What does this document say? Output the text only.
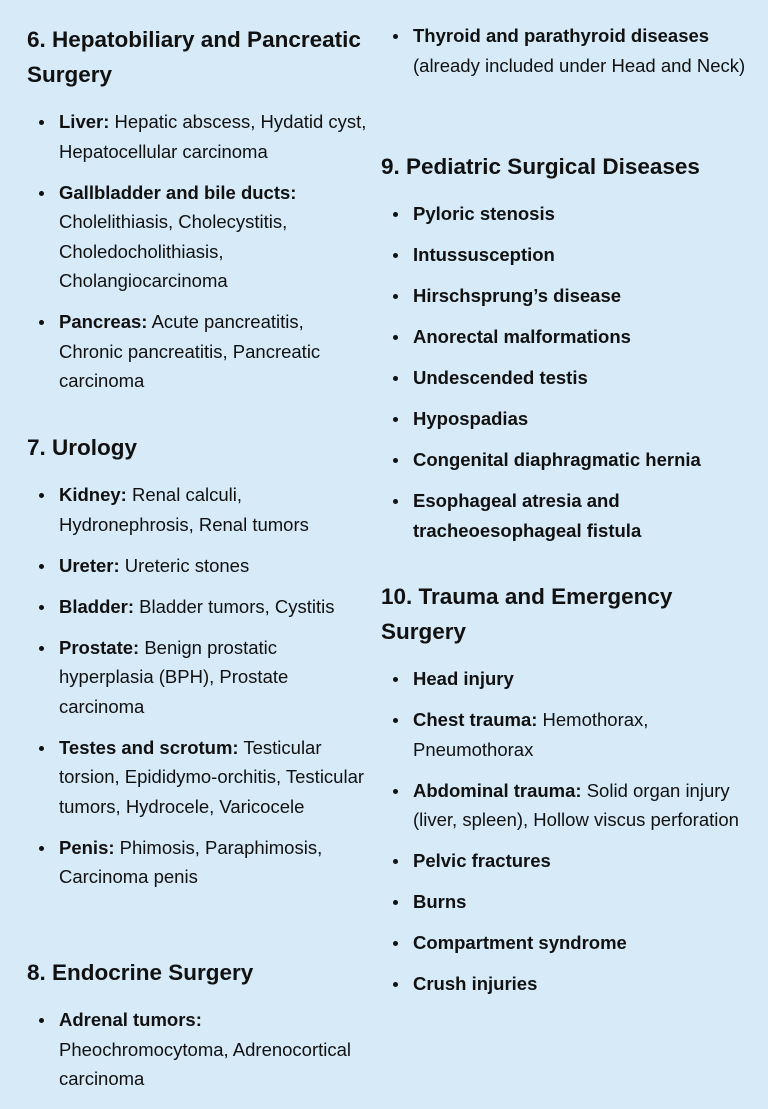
6. Hepatobiliary and Pancreatic Surgery
Liver: Hepatic abscess, Hydatid cyst, Hepatocellular carcinoma
Gallbladder and bile ducts: Cholelithiasis, Cholecystitis, Choledocholithiasis, Cholangiocarcinoma
Pancreas: Acute pancreatitis, Chronic pancreatitis, Pancreatic carcinoma
7. Urology
Kidney: Renal calculi, Hydronephrosis, Renal tumors
Ureter: Ureteric stones
Bladder: Bladder tumors, Cystitis
Prostate: Benign prostatic hyperplasia (BPH), Prostate carcinoma
Testes and scrotum: Testicular torsion, Epididymo-orchitis, Testicular tumors, Hydrocele, Varicocele
Penis: Phimosis, Paraphimosis, Carcinoma penis
8. Endocrine Surgery
Adrenal tumors: Pheochromocytoma, Adrenocortical carcinoma
Thyroid and parathyroid diseases (already included under Head and Neck)
9. Pediatric Surgical Diseases
Pyloric stenosis
Intussusception
Hirschsprung’s disease
Anorectal malformations
Undescended testis
Hypospadias
Congenital diaphragmatic hernia
Esophageal atresia and tracheoesophageal fistula
10. Trauma and Emergency Surgery
Head injury
Chest trauma: Hemothorax, Pneumothorax
Abdominal trauma: Solid organ injury (liver, spleen), Hollow viscus perforation
Pelvic fractures
Burns
Compartment syndrome
Crush injuries
